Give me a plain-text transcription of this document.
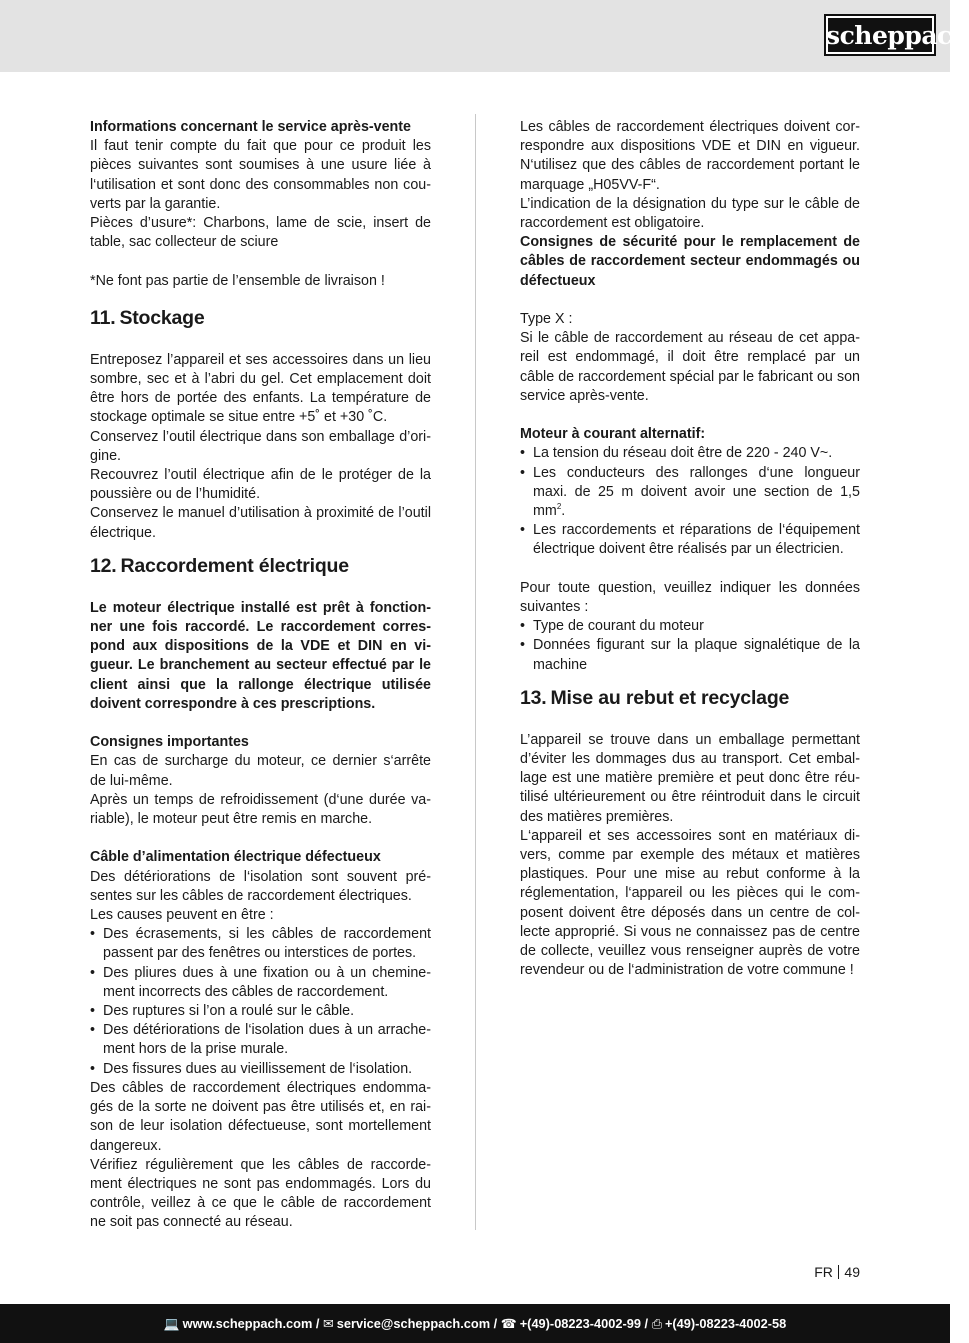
scheppach

Informations concernant le service après-vente

Il faut tenir compte du fait que pour ce produit les pièces suivantes sont soumises à une usure liée à l‘utilisation et sont donc des consommables non couverts par la garantie.

Pièces d’usure*: Charbons, lame de scie, insert de table, sac collecteur de sciure

*Ne font pas partie de l’ensemble de livraison !

11. Stockage

Entreposez l’appareil et ses accessoires dans un lieu sombre, sec et à l’abri du gel. Cet emplacement doit être hors de portée des enfants. La température de stockage optimale se situe entre +5˚ et +30 ˚C.

Conservez l’outil électrique dans son emballage d’origine.

Recouvrez l’outil électrique afin de le protéger de la poussière ou de l’humidité.

Conservez le manuel d’utilisation à proximité de l’outil électrique.

12. Raccordement électrique

Le moteur électrique installé est prêt à fonctionner une fois raccordé. Le raccordement correspond aux dispositions de la VDE et DIN en vigueur. Le branchement au secteur effectué par le client ainsi que la rallonge électrique utilisée doivent correspondre à ces prescriptions.

Consignes importantes

En cas de surcharge du moteur, ce dernier s‘arrête de lui-même.

Après un temps de refroidissement (d‘une durée variable), le moteur peut être remis en marche.

Câble d’alimentation électrique défectueux

Des détériorations de l‘isolation sont souvent présentes sur les câbles de raccordement électriques.

Les causes peuvent en être :

• Des écrasements, si les câbles de raccordement passent par des fenêtres ou interstices de portes.
• Des pliures dues à une fixation ou à un cheminement incorrects des câbles de raccordement.
• Des ruptures si l’on a roulé sur le câble.
• Des détériorations de l‘isolation dues à un arrachement hors de la prise murale.
• Des fissures dues au vieillissement de l‘isolation.

Des câbles de raccordement électriques endommagés de la sorte ne doivent pas être utilisés et, en raison de leur isolation défectueuse, sont mortellement dangereux.

Vérifiez régulièrement que les câbles de raccordement électriques ne sont pas endommagés. Lors du contrôle, veillez à ce que le câble de raccordement ne soit pas connecté au réseau.

Les câbles de raccordement électriques doivent correspondre aux dispositions VDE et DIN en vigueur. N‘utilisez que des câbles de raccordement portant le marquage „H05VV-F“.

L’indication de la désignation du type sur le câble de raccordement est obligatoire.

Consignes de sécurité pour le remplacement de câbles de raccordement secteur endommagés ou défectueux

Type X :

Si le câble de raccordement au réseau de cet appareil est endommagé, il doit être remplacé par un câble de raccordement spécial par le fabricant ou son service après-vente.

Moteur à courant alternatif:

• La tension du réseau doit être de 220 - 240 V~.
• Les conducteurs des rallonges d‘une longueur maxi. de 25 m doivent avoir une section de 1,5 $mm^2$.
• Les raccordements et réparations de l‘équipement électrique doivent être réalisés par un électricien.

Pour toute question, veuillez indiquer les données suivantes :

• Type de courant du moteur
• Données figurant sur la plaque signalétique de la machine
13. Mise au rebut et recyclage

L’appareil se trouve dans un emballage permettant d’éviter les dommages dus au transport. Cet emballage est une matière première et peut donc être réutilisé ultérieurement ou être réintroduit dans le circuit des matières premières.

L‘appareil et ses accessoires sont en matériaux divers, comme par exemple des métaux et matières plastiques. Pour une mise au rebut conforme à la réglementation, l‘appareil ou les pièces qui le composent doivent être déposés dans un centre de collecte approprié. Si vous ne connaissez pas de centre de collecte, veuillez vous renseigner auprès de votre revendeur ou de l‘administration de votre commune !

FR 49
💻 www.scheppach.com / ✉ service@scheppach.com / ☎ +(49)-08223-4002-99 / ⎙ +(49)-08223-4002-58
